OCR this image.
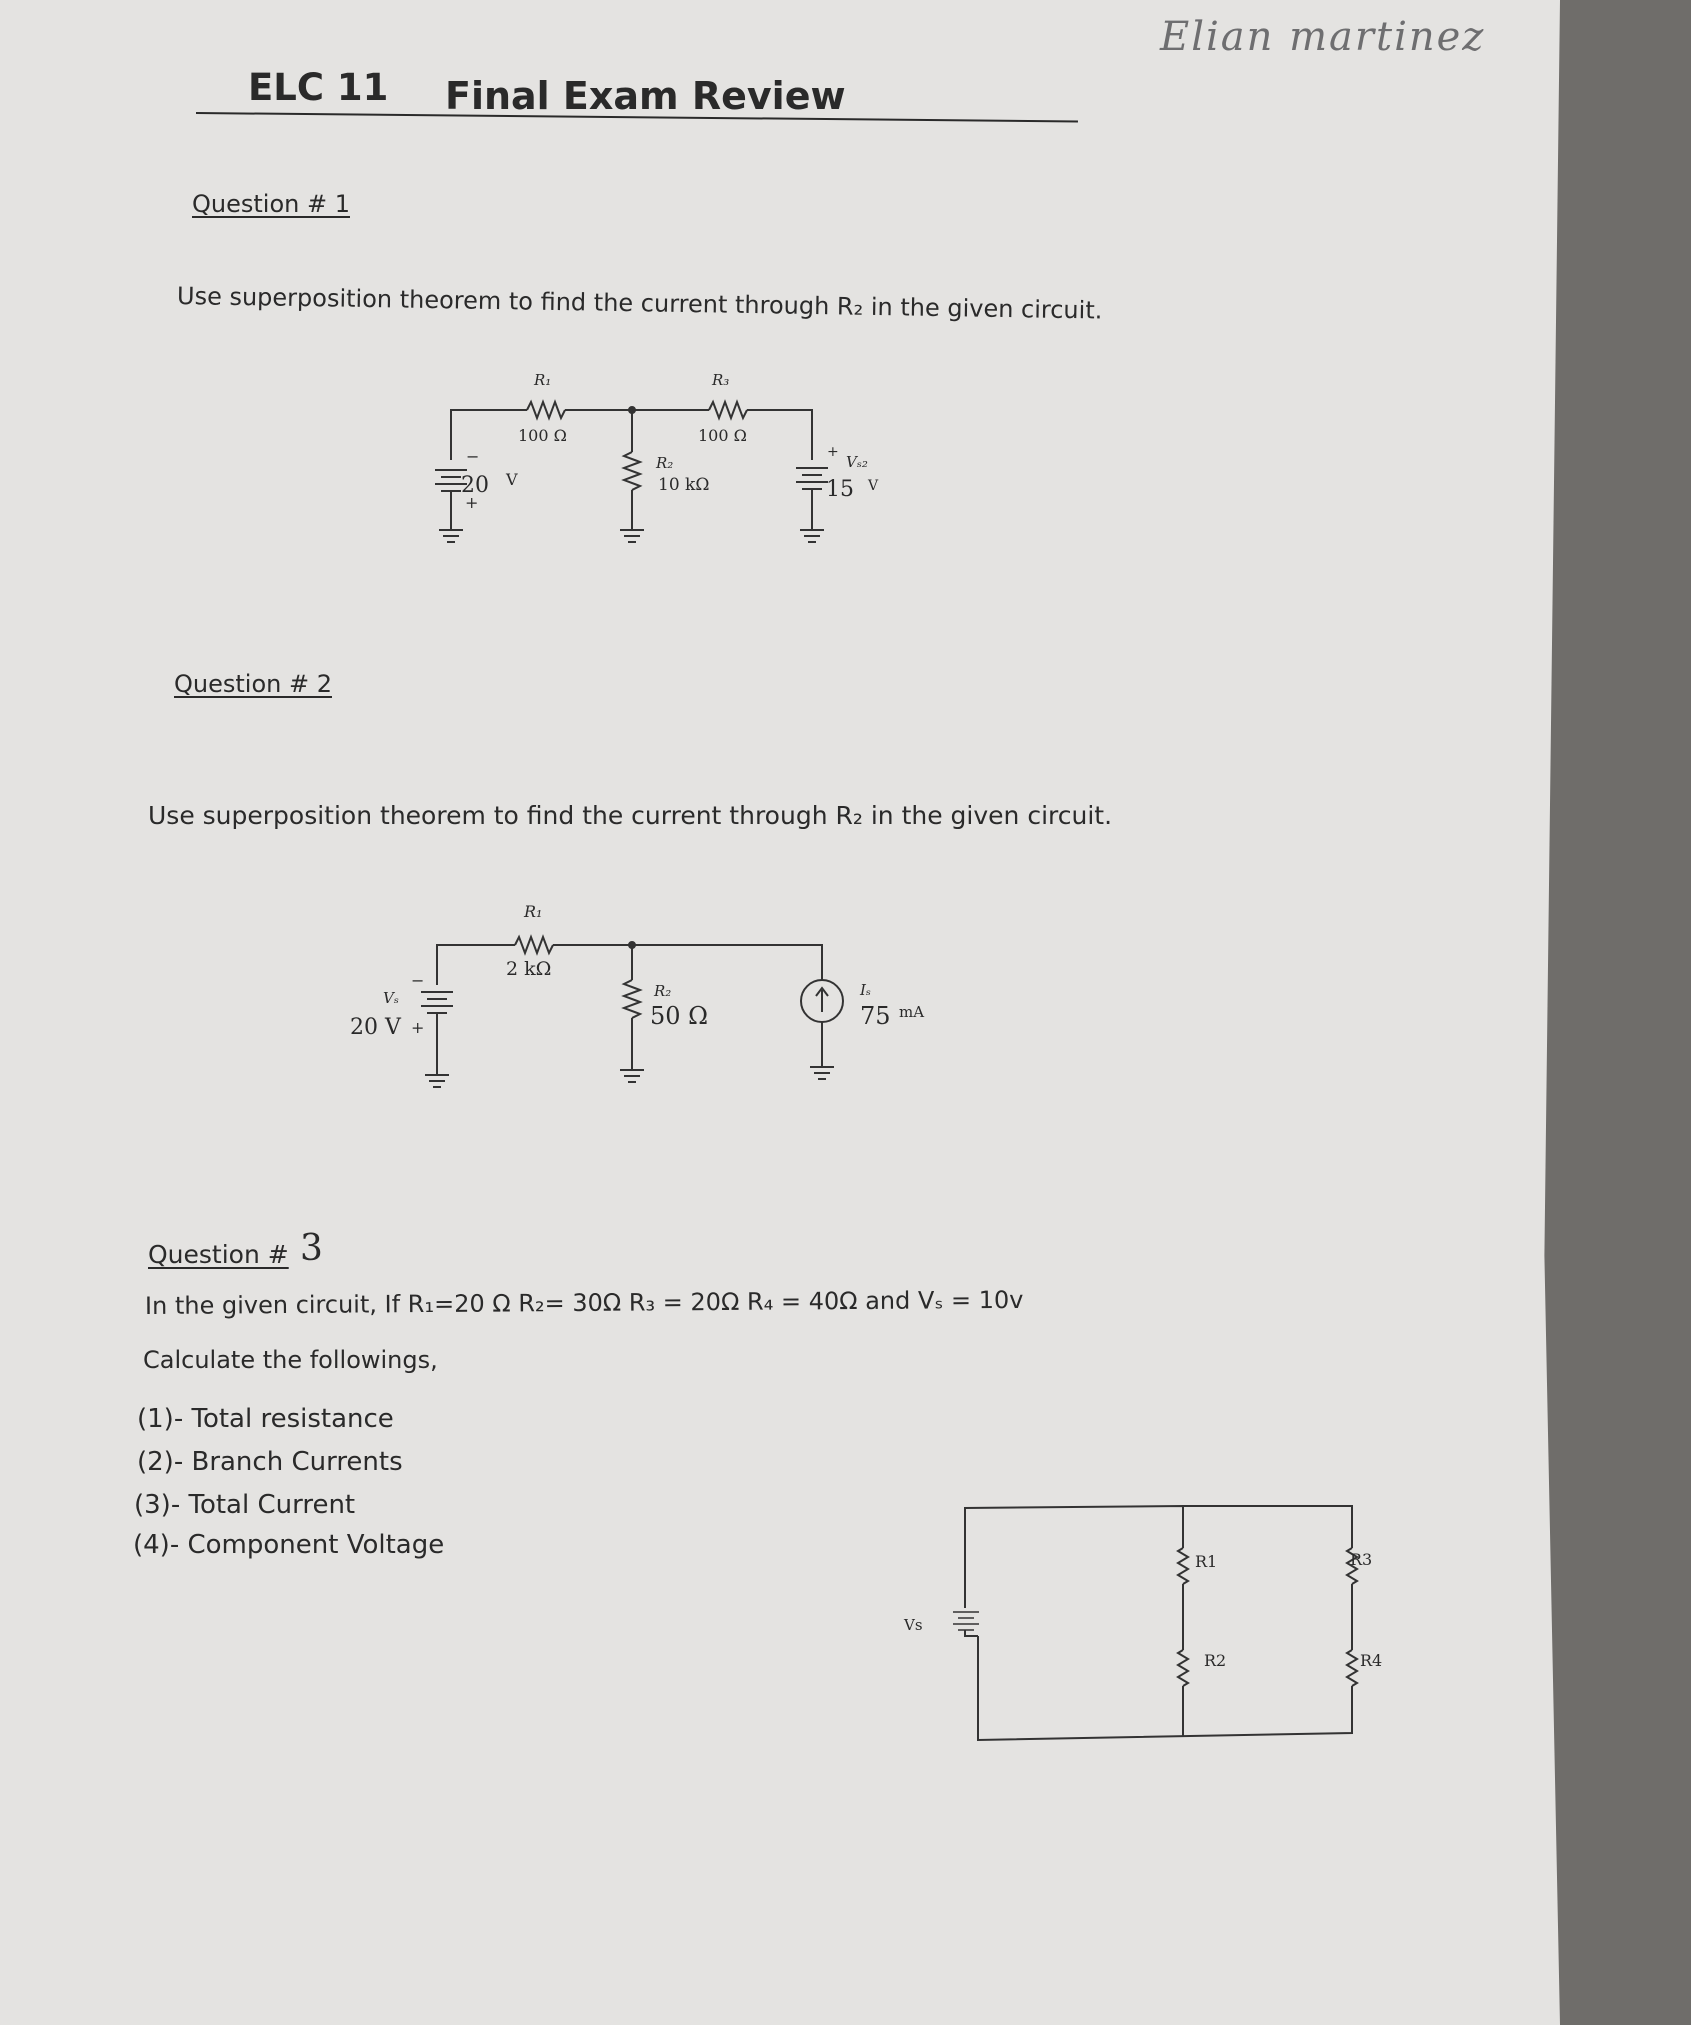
ELC 11 Final Exam Review
Elian martinez
Question # 1
Use superposition theorem to find the current through R₂ in the given circuit.
Question # 2
Use superposition theorem to find the current through R₂ in the given circuit.
Question # 3
In the given circuit, If R₁=20 Ω R₂= 30Ω R₃ = 20Ω R₄ = 40Ω and Vₛ = 10v
Calculate the followings,
(1)- Total resistance
(2)- Branch Currents
(3)- Total Current
(4)- Component Voltage
R₁
100 Ω
R₃
100 Ω
R₂
10 kΩ
20 V
−
+
Vₛ₂
15 V
+
R₁
2 kΩ
R₂
50 Ω
Vₛ
20 V
−
+
Iₛ
75 mA
Vs
R1
R2
R3
R4
